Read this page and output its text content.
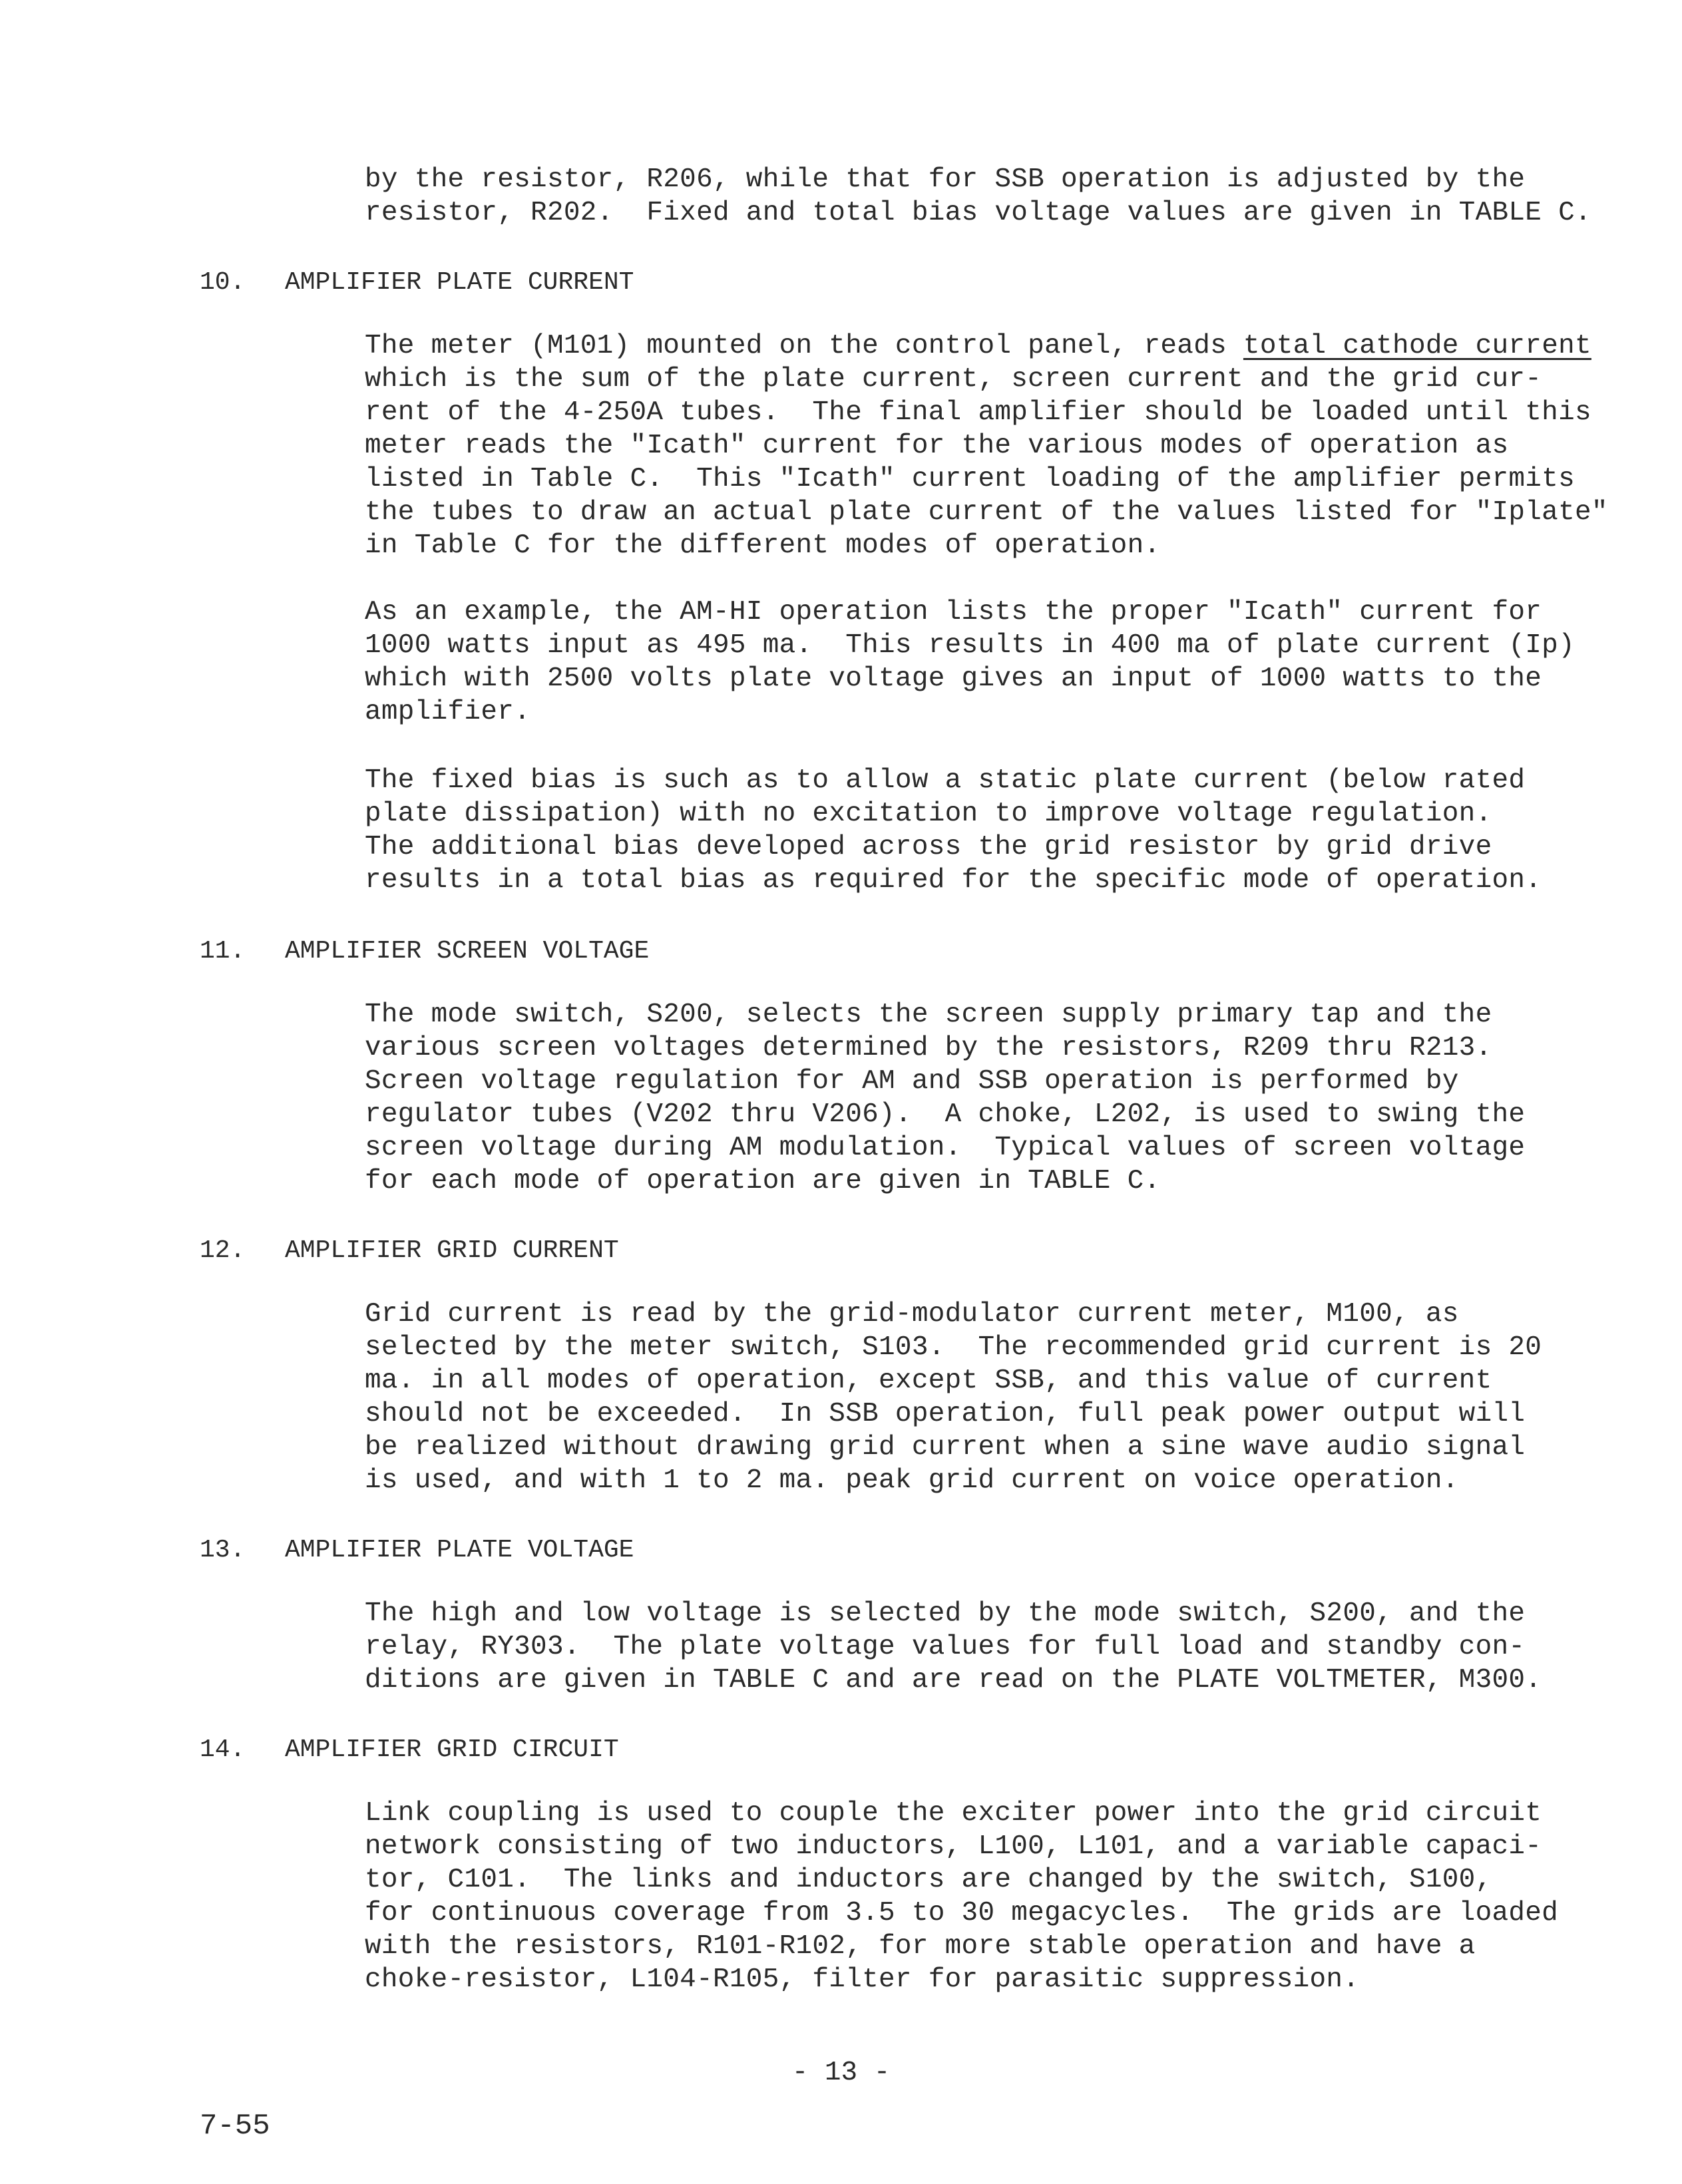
by the resistor, R206, while that for SSB operation is adjusted by the
resistor, R202.  Fixed and total bias voltage values are given in TABLE C.
10. AMPLIFIER PLATE CURRENT
The meter (M101) mounted on the control panel, reads total cathode current
which is the sum of the plate current, screen current and the grid cur-
rent of the 4-250A tubes.  The final amplifier should be loaded until this
meter reads the "Icath" current for the various modes of operation as
listed in Table C.  This "Icath" current loading of the amplifier permits
the tubes to draw an actual plate current of the values listed for "Iplate"
in Table C for the different modes of operation.
As an example, the AM-HI operation lists the proper "Icath" current for
1000 watts input as 495 ma.  This results in 400 ma of plate current (Ip)
which with 2500 volts plate voltage gives an input of 1000 watts to the
amplifier.
The fixed bias is such as to allow a static plate current (below rated
plate dissipation) with no excitation to improve voltage regulation.
The additional bias developed across the grid resistor by grid drive
results in a total bias as required for the specific mode of operation.
11. AMPLIFIER SCREEN VOLTAGE
The mode switch, S200, selects the screen supply primary tap and the
various screen voltages determined by the resistors, R209 thru R213.
Screen voltage regulation for AM and SSB operation is performed by
regulator tubes (V202 thru V206).  A choke, L202, is used to swing the
screen voltage during AM modulation.  Typical values of screen voltage
for each mode of operation are given in TABLE C.
12. AMPLIFIER GRID CURRENT
Grid current is read by the grid-modulator current meter, M100, as
selected by the meter switch, S103.  The recommended grid current is 20
ma. in all modes of operation, except SSB, and this value of current
should not be exceeded.  In SSB operation, full peak power output will
be realized without drawing grid current when a sine wave audio signal
is used, and with 1 to 2 ma. peak grid current on voice operation.
13. AMPLIFIER PLATE VOLTAGE
The high and low voltage is selected by the mode switch, S200, and the
relay, RY303.  The plate voltage values for full load and standby con-
ditions are given in TABLE C and are read on the PLATE VOLTMETER, M300.
14. AMPLIFIER GRID CIRCUIT
Link coupling is used to couple the exciter power into the grid circuit
network consisting of two inductors, L100, L101, and a variable capaci-
tor, C101.  The links and inductors are changed by the switch, S100,
for continuous coverage from 3.5 to 30 megacycles.  The grids are loaded
with the resistors, R101-R102, for more stable operation and have a
choke-resistor, L104-R105, filter for parasitic suppression.
- 13 -
7-55
